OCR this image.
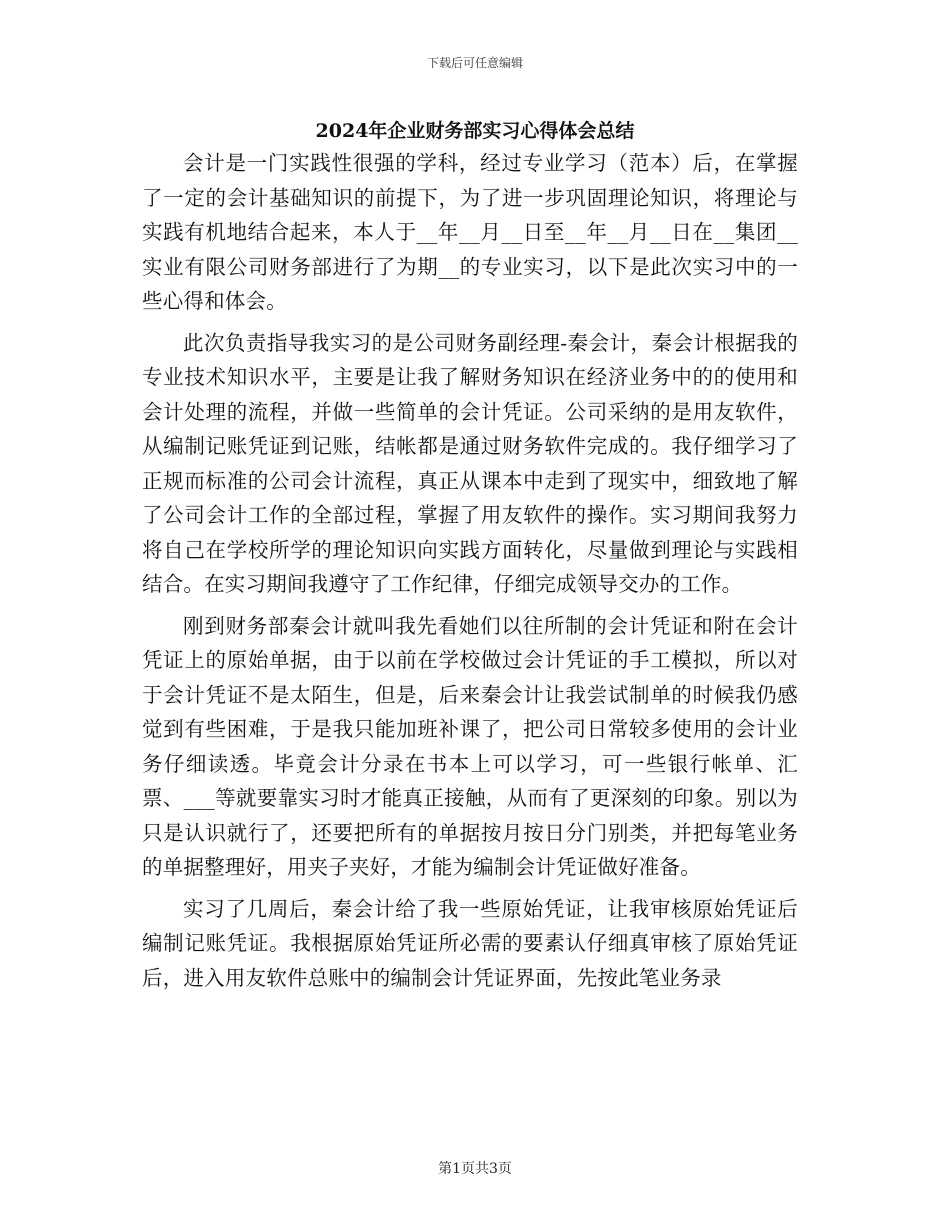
下载后可任意编辑
2024年企业财务部实习心得体会总结

会计是一门实践性很强的学科，经过专业学习（范本）后，在掌握了一定的会计基础知识的前提下，为了进一步巩固理论知识，将理论与实践有机地结合起来，本人于__年__月__日至__年__月__日在__集团__实业有限公司财务部进行了为期__的专业实习，以下是此次实习中的一些心得和体会。

此次负责指导我实习的是公司财务副经理-秦会计，秦会计根据我的专业技术知识水平，主要是让我了解财务知识在经济业务中的的使用和会计处理的流程，并做一些简单的会计凭证。公司采纳的是用友软件，从编制记账凭证到记账，结帐都是通过财务软件完成的。我仔细学习了正规而标准的公司会计流程，真正从课本中走到了现实中，细致地了解了公司会计工作的全部过程，掌握了用友软件的操作。实习期间我努力将自己在学校所学的理论知识向实践方面转化，尽量做到理论与实践相结合。在实习期间我遵守了工作纪律，仔细完成领导交办的工作。

刚到财务部秦会计就叫我先看她们以往所制的会计凭证和附在会计凭证上的原始单据，由于以前在学校做过会计凭证的手工模拟，所以对于会计凭证不是太陌生，但是，后来秦会计让我尝试制单的时候我仍感觉到有些困难，于是我只能加班补课了，把公司日常较多使用的会计业务仔细读透。毕竟会计分录在书本上可以学习，可一些银行帐单、汇票、___等就要靠实习时才能真正接触，从而有了更深刻的印象。别以为只是认识就行了，还要把所有的单据按月按日分门别类，并把每笔业务的单据整理好，用夹子夹好，才能为编制会计凭证做好准备。

实习了几周后，秦会计给了我一些原始凭证，让我审核原始凭证后编制记账凭证。我根据原始凭证所必需的要素认仔细真审核了原始凭证后，进入用友软件总账中的编制会计凭证界面，先按此笔业务录

第1页共3页
